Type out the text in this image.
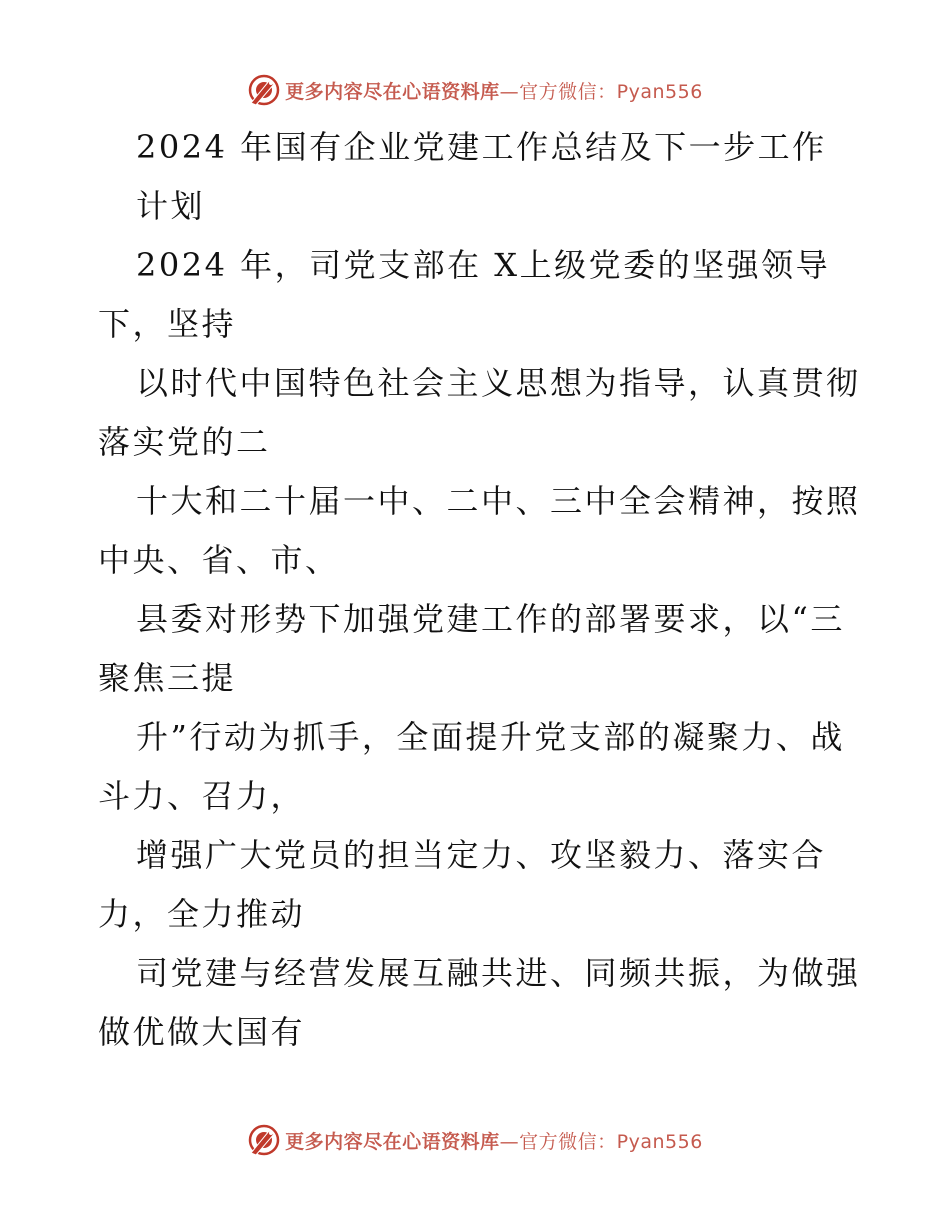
更多内容尽在心语资料库—官方微信：Pyan556
2024 年国有企业党建工作总结及下一步工作
计划
2024 年，司党支部在 X上级党委的坚强领导
下，坚持
以时代中国特色社会主义思想为指导，认真贯彻
落实党的二
十大和二十届一中、二中、三中全会精神，按照
中央、省、市、
县委对形势下加强党建工作的部署要求，以“三
聚焦三提
升”行动为抓手，全面提升党支部的凝聚力、战
斗力、召力，
增强广大党员的担当定力、攻坚毅力、落实合
力，全力推动
司党建与经营发展互融共进、同频共振，为做强
做优做大国有
更多内容尽在心语资料库—官方微信：Pyan556
